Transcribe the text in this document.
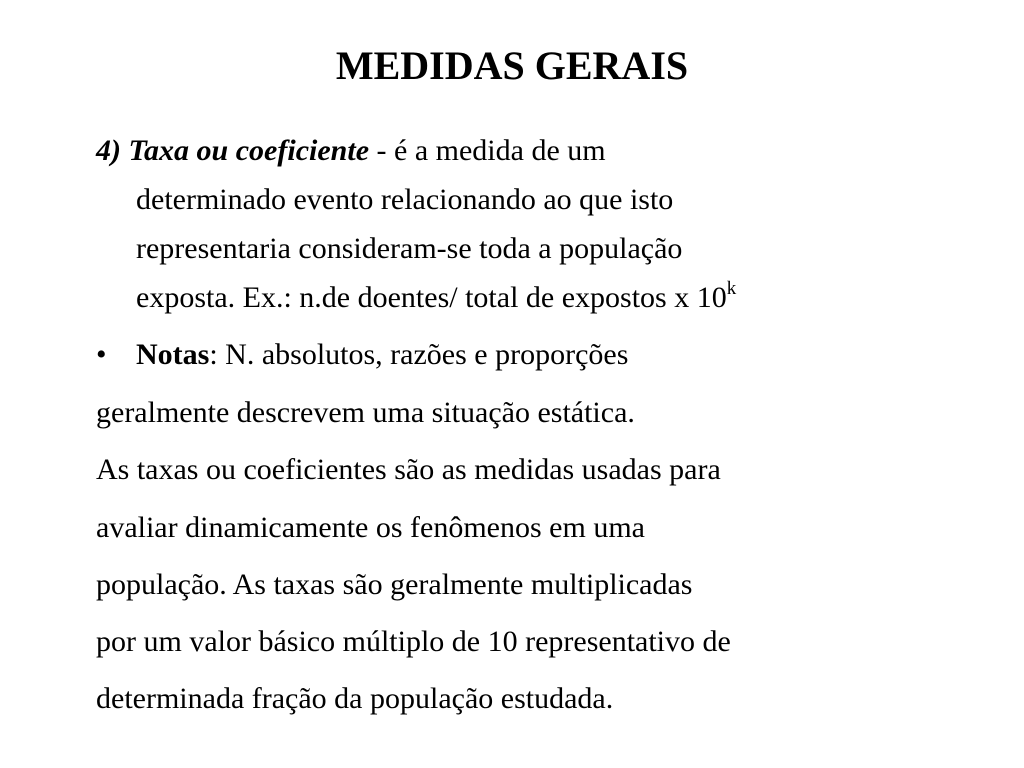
MEDIDAS GERAIS
4) Taxa ou coeficiente - é a medida de um
determinado evento relacionando ao que isto
representaria consideram-se toda a população
exposta. Ex.: n.de doentes/ total de expostos x 10$^k$
• Notas: N. absolutos, razões e proporções
geralmente descrevem uma situação estática.
As taxas ou coeficientes são as medidas usadas para
avaliar dinamicamente os fenômenos em uma
população. As taxas são geralmente multiplicadas
por um valor básico múltiplo de 10 representativo de
determinada fração da população estudada.
